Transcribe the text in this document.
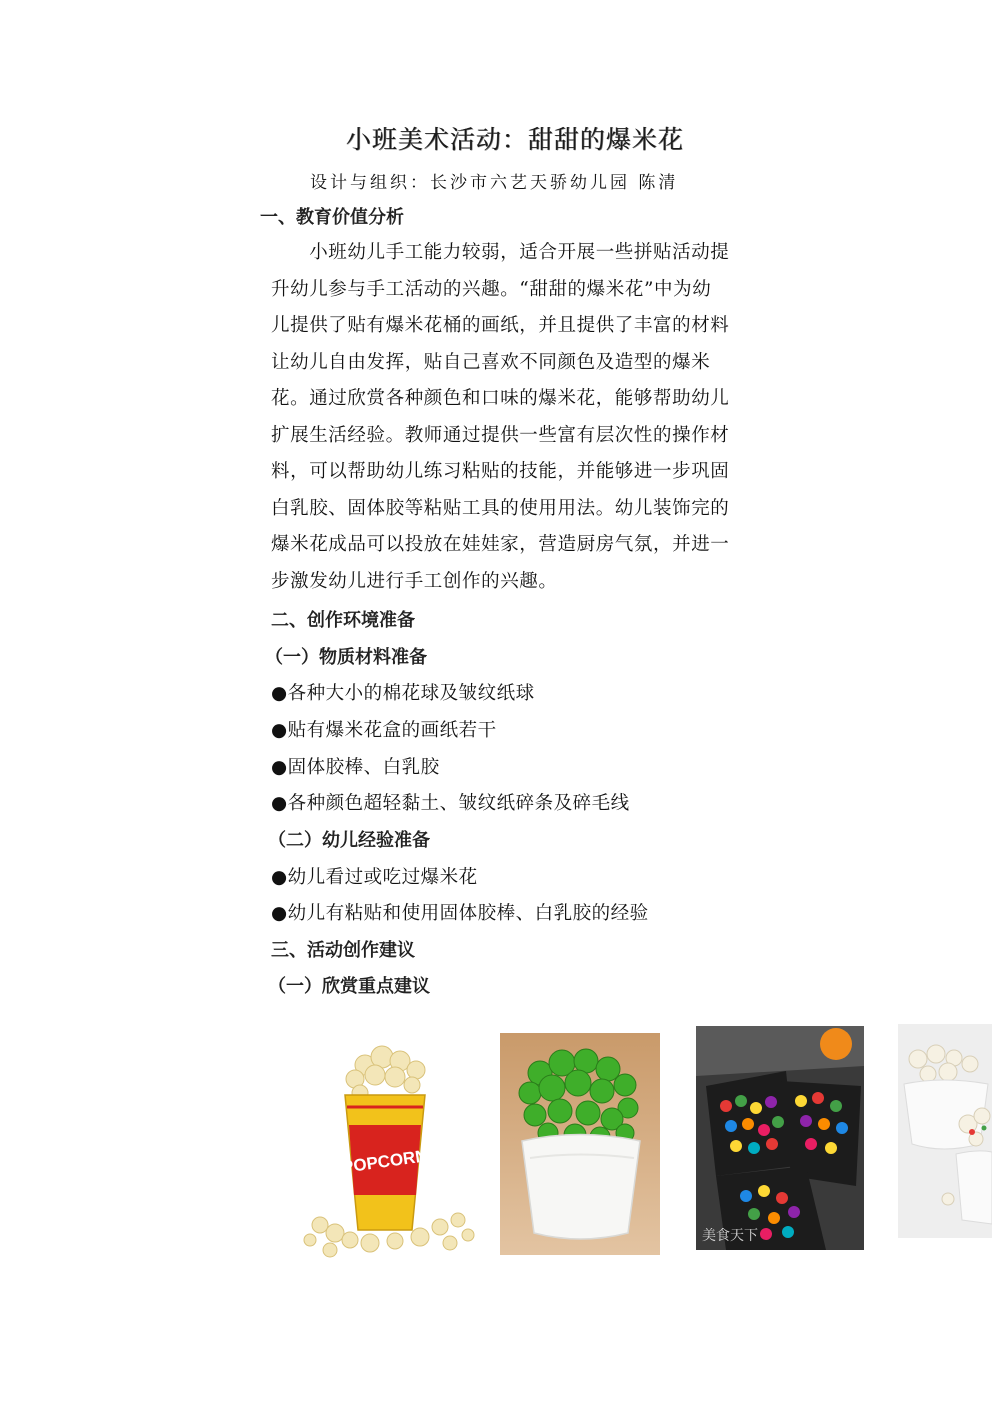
小班美术活动：甜甜的爆米花
设计与组织：长沙市六艺天骄幼儿园 陈清
一、教育价值分析
　　小班幼儿手工能力较弱，适合开展一些拼贴活动提
升幼儿参与手工活动的兴趣。“甜甜的爆米花”中为幼
儿提供了贴有爆米花桶的画纸，并且提供了丰富的材料
让幼儿自由发挥，贴自己喜欢不同颜色及造型的爆米
花。通过欣赏各种颜色和口味的爆米花，能够帮助幼儿
扩展生活经验。教师通过提供一些富有层次性的操作材
料，可以帮助幼儿练习粘贴的技能，并能够进一步巩固
白乳胶、固体胶等粘贴工具的使用用法。幼儿装饰完的
爆米花成品可以投放在娃娃家，营造厨房气氛，并进一
步激发幼儿进行手工创作的兴趣。
二、创作环境准备
（一）物质材料准备
●各种大小的棉花球及皱纹纸球
●贴有爆米花盒的画纸若干
●固体胶棒、白乳胶
●各种颜色超轻黏土、皱纹纸碎条及碎毛线
（二）幼儿经验准备
●幼儿看过或吃过爆米花
●幼儿有粘贴和使用固体胶棒、白乳胶的经验
三、活动创作建议
（一）欣赏重点建议
POPCORN
美食天下
